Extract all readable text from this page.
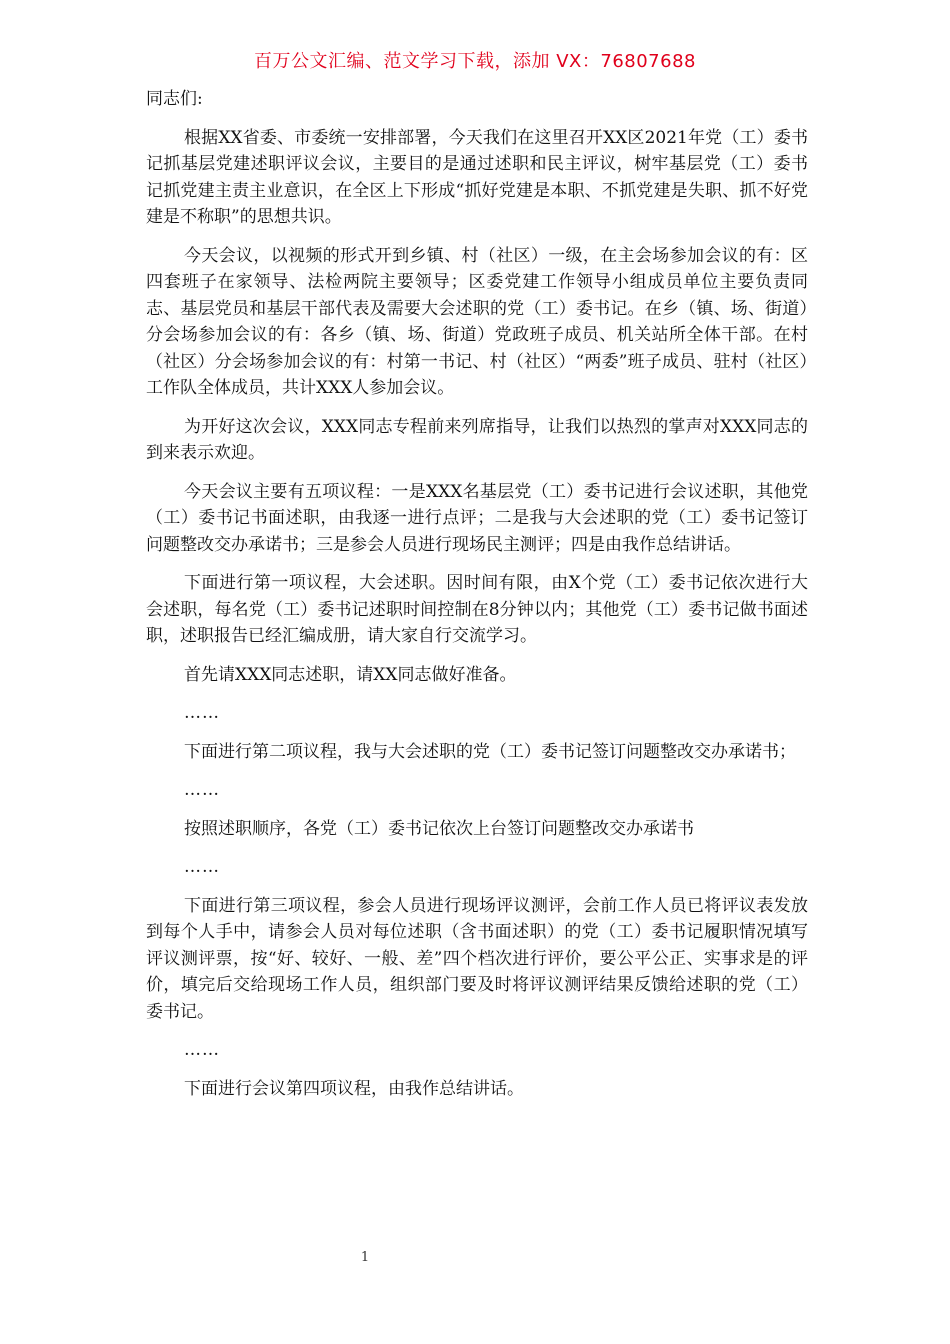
百万公文汇编、范文学习下载，添加 VX：76807688

同志们:

根据XX省委、市委统一安排部署，今天我们在这里召开XX区2021年党（工）委书记抓基层党建述职评议会议，主要目的是通过述职和民主评议，树牢基层党（工）委书记抓党建主责主业意识，在全区上下形成“抓好党建是本职、不抓党建是失职、抓不好党建是不称职”的思想共识。

今天会议，以视频的形式开到乡镇、村（社区）一级，在主会场参加会议的有：区四套班子在家领导、法检两院主要领导；区委党建工作领导小组成员单位主要负责同志、基层党员和基层干部代表及需要大会述职的党（工）委书记。在乡（镇、场、街道）分会场参加会议的有：各乡（镇、场、街道）党政班子成员、机关站所全体干部。在村（社区）分会场参加会议的有：村第一书记、村（社区）“两委”班子成员、驻村（社区）工作队全体成员，共计XXX人参加会议。

为开好这次会议，XXX同志专程前来列席指导，让我们以热烈的掌声对XXX同志的到来表示欢迎。

今天会议主要有五项议程：一是XXX名基层党（工）委书记进行会议述职，其他党（工）委书记书面述职，由我逐一进行点评；二是我与大会述职的党（工）委书记签订问题整改交办承诺书；三是参会人员进行现场民主测评；四是由我作总结讲话。

下面进行第一项议程，大会述职。因时间有限，由X个党（工）委书记依次进行大会述职，每名党（工）委书记述职时间控制在8分钟以内；其他党（工）委书记做书面述职，述职报告已经汇编成册，请大家自行交流学习。

首先请XXX同志述职，请XX同志做好准备。

……

下面进行第二项议程，我与大会述职的党（工）委书记签订问题整改交办承诺书；

……

按照述职顺序，各党（工）委书记依次上台签订问题整改交办承诺书

……

下面进行第三项议程，参会人员进行现场评议测评，会前工作人员已将评议表发放到每个人手中，请参会人员对每位述职（含书面述职）的党（工）委书记履职情况填写评议测评票，按“好、较好、一般、差”四个档次进行评价，要公平公正、实事求是的评价，填完后交给现场工作人员，组织部门要及时将评议测评结果反馈给述职的党（工）委书记。

……

下面进行会议第四项议程，由我作总结讲话。

1
